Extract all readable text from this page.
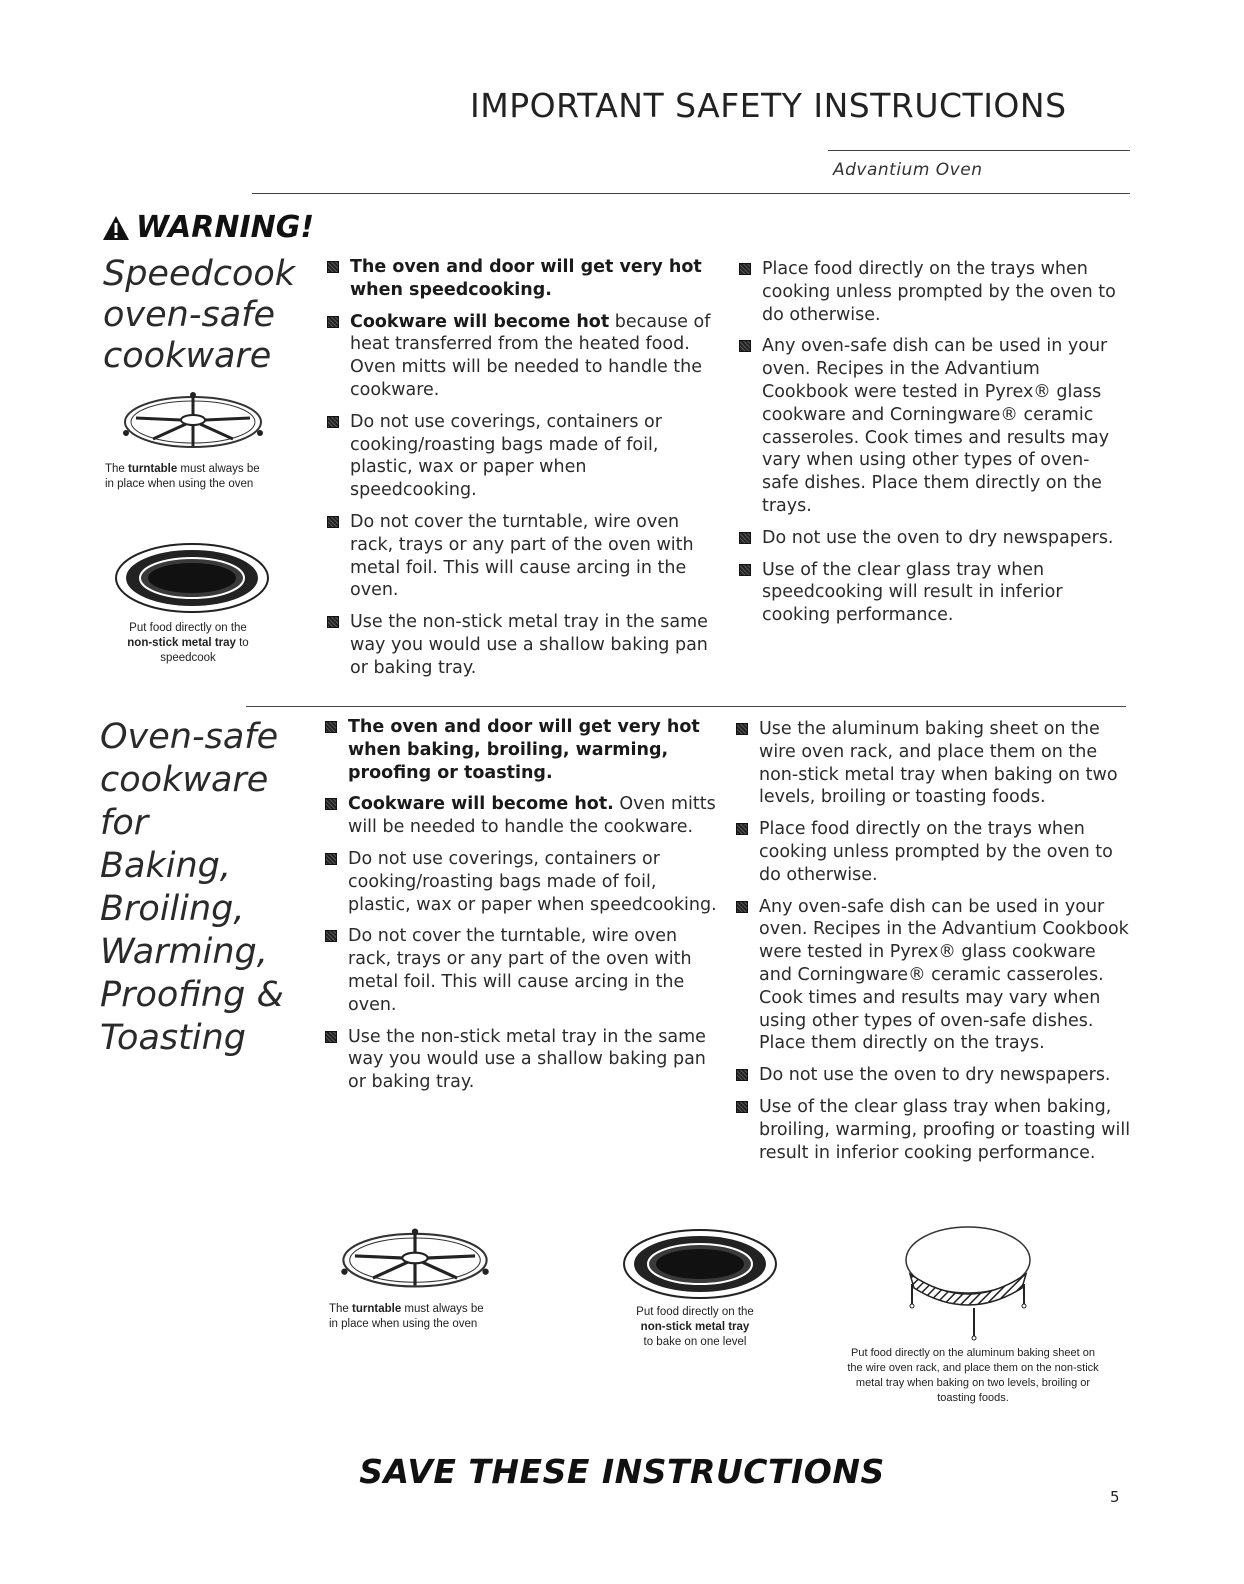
IMPORTANT SAFETY INSTRUCTIONS
Advantium Oven
WARNING!
Speedcook
oven-safe
cookware
The turntable must always be
in place when using the oven
Put food directly on the
non-stick metal tray to
speedcook
The oven and door will get very hot when speedcooking.
Cookware will become hot because of heat transferred from the heated food. Oven mitts will be needed to handle the cookware.
Do not use coverings, containers or cooking/roasting bags made of foil, plastic, wax or paper when speedcooking.
Do not cover the turntable, wire oven rack, trays or any part of the oven with metal foil. This will cause arcing in the oven.
Use the non-stick metal tray in the same way you would use a shallow baking pan or baking tray.
Place food directly on the trays when cooking unless prompted by the oven to do otherwise.
Any oven-safe dish can be used in your oven. Recipes in the Advantium Cookbook were tested in Pyrex® glass cookware and Corningware® ceramic casseroles. Cook times and results may vary when using other types of oven-safe dishes. Place them directly on the trays.
Do not use the oven to dry newspapers.
Use of the clear glass tray when speedcooking will result in inferior cooking performance.
Oven-safe
cookware
for
Baking,
Broiling,
Warming,
Proofing &
Toasting
The oven and door will get very hot when baking, broiling, warming, proofing or toasting.
Cookware will become hot. Oven mitts will be needed to handle the cookware.
Do not use coverings, containers or cooking/roasting bags made of foil, plastic, wax or paper when speedcooking.
Do not cover the turntable, wire oven rack, trays or any part of the oven with metal foil. This will cause arcing in the oven.
Use the non-stick metal tray in the same way you would use a shallow baking pan or baking tray.
Use the aluminum baking sheet on the wire oven rack, and place them on the non-stick metal tray when baking on two levels, broiling or toasting foods.
Place food directly on the trays when cooking unless prompted by the oven to do otherwise.
Any oven-safe dish can be used in your oven. Recipes in the Advantium Cookbook were tested in Pyrex® glass cookware and Corningware® ceramic casseroles. Cook times and results may vary when using other types of oven-safe dishes. Place them directly on the trays.
Do not use the oven to dry newspapers.
Use of the clear glass tray when baking, broiling, warming, proofing or toasting will result in inferior cooking performance.
The turntable must always be
in place when using the oven
Put food directly on the
non-stick metal tray
to bake on one level
Put food directly on the aluminum baking sheet on the wire oven rack, and place them on the non-stick metal tray when baking on two levels, broiling or toasting foods.
SAVE THESE INSTRUCTIONS
5
